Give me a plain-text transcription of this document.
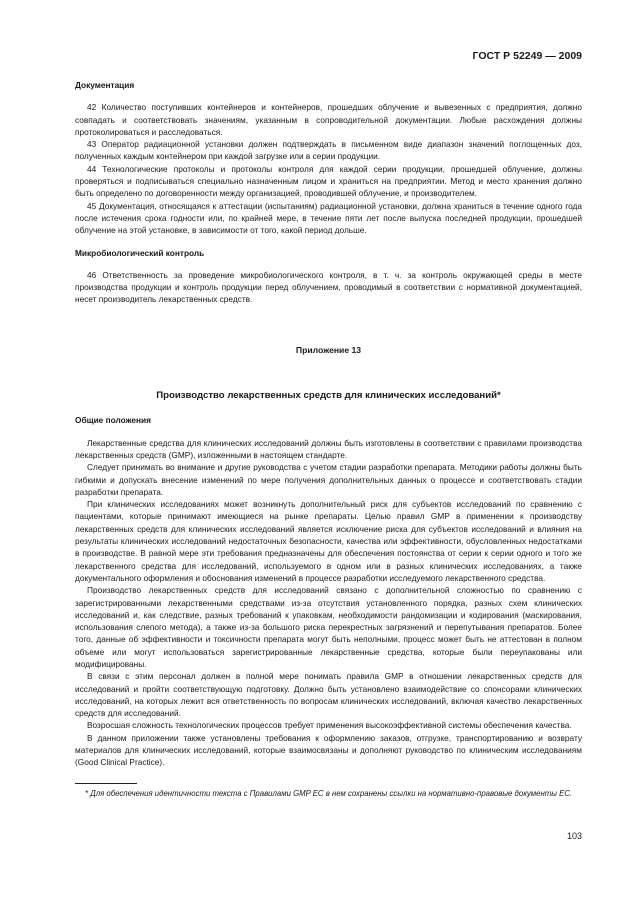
ГОСТ Р 52249 — 2009

Документация

42 Количество поступивших контейнеров и контейнеров, прошедших облучение и вывезенных с предприятия, должно совпадать и соответствовать значениям, указанным в сопроводительной документации. Любые расхождения должны протоколироваться и расследоваться.

43 Оператор радиационной установки должен подтверждать в письменном виде диапазон значений поглощенных доз, полученных каждым контейнером при каждой загрузке или в серии продукции.

44 Технологические протоколы и протоколы контроля для каждой серии продукции, прошедшей облучение, должны проверяться и подписываться специально назначенным лицом и храниться на предприятии. Метод и место хранения должно быть определено по договоренности между организацией, проводившей облучение, и производителем.

45 Документация, относящаяся к аттестации (испытаниям) радиационной установки, должна храниться в течение одного года после истечения срока годности или, по крайней мере, в течение пяти лет после выпуска последней продукции, прошедшей облучение на этой установке, в зависимости от того, какой период дольше.

Микробиологический контроль

46 Ответственность за проведение микробиологического контроля, в т. ч. за контроль окружающей среды в месте производства продукции и контроль продукции перед облучением, проводимый в соответствии с нормативной документацией, несет производитель лекарственных средств.

Приложение 13

Производство лекарственных средств для клинических исследований*

Общие положения

Лекарственные средства для клинических исследований должны быть изготовлены в соответствии с правилами производства лекарственных средств (GMP), изложенными в настоящем стандарте.

Следует принимать во внимание и другие руководства с учетом стадии разработки препарата. Методики работы должны быть гибкими и допускать внесение изменений по мере получения дополнительных данных о процессе и соответствовать стадии разработки препарата.

При клинических исследованиях может возникнуть дополнительный риск для субъектов исследований по сравнению с пациентами, которые принимают имеющиеся на рынке препараты. Целью правил GMP в применении к производству лекарственных средств для клинических исследований является исключение риска для субъектов исследований и влияния на результаты клинических исследований недостаточных безопасности, качества или эффективности, обусловленных недостатками в производстве. В равной мере эти требования предназначены для обеспечения постоянства от серии к серии одного и того же лекарственного средства для исследований, используемого в одном или в разных клинических исследованиях, а также документального оформления и обоснования изменений в процессе разработки исследуемого лекарственного средства.

Производство лекарственных средств для исследований связано с дополнительной сложностью по сравнению с зарегистрированными лекарственными средствами из-за отсутствия установленного порядка, разных схем клинических исследований и, как следствие, разных требований к упаковкам, необходимости рандомизации и кодирования (маскирования, использования слепого метода), а также из-за большого риска перекрестных загрязнений и перепутывания препаратов. Более того, данные об эффективности и токсичности препарата могут быть неполными, процесс может быть не аттестован в полном объеме или могут использоваться зарегистрированные лекарственные средства, которые были переупакованы или модифицированы.

В связи с этим персонал должен в полной мере понимать правила GMP в отношении лекарственных средств для исследований и пройти соответствующую подготовку. Должно быть установлено взаимодействие со спонсорами клинических исследований, на которых лежит вся ответственность по вопросам клинических исследований, включая качество лекарственных средств для исследований.

Возросшая сложность технологических процессов требует применения высокоэффективной системы обеспечения качества.

В данном приложении также установлены требования к оформлению заказов, отгрузке, транспортированию и возврату материалов для клинических исследований, которые взаимосвязаны и дополняют руководство по клиническим исследованиям (Good Clinical Practice).

* Для обеспечения идентичности текста с Правилами GMP ЕС в нем сохранены ссылки на нормативно-правовые документы ЕС.

103
